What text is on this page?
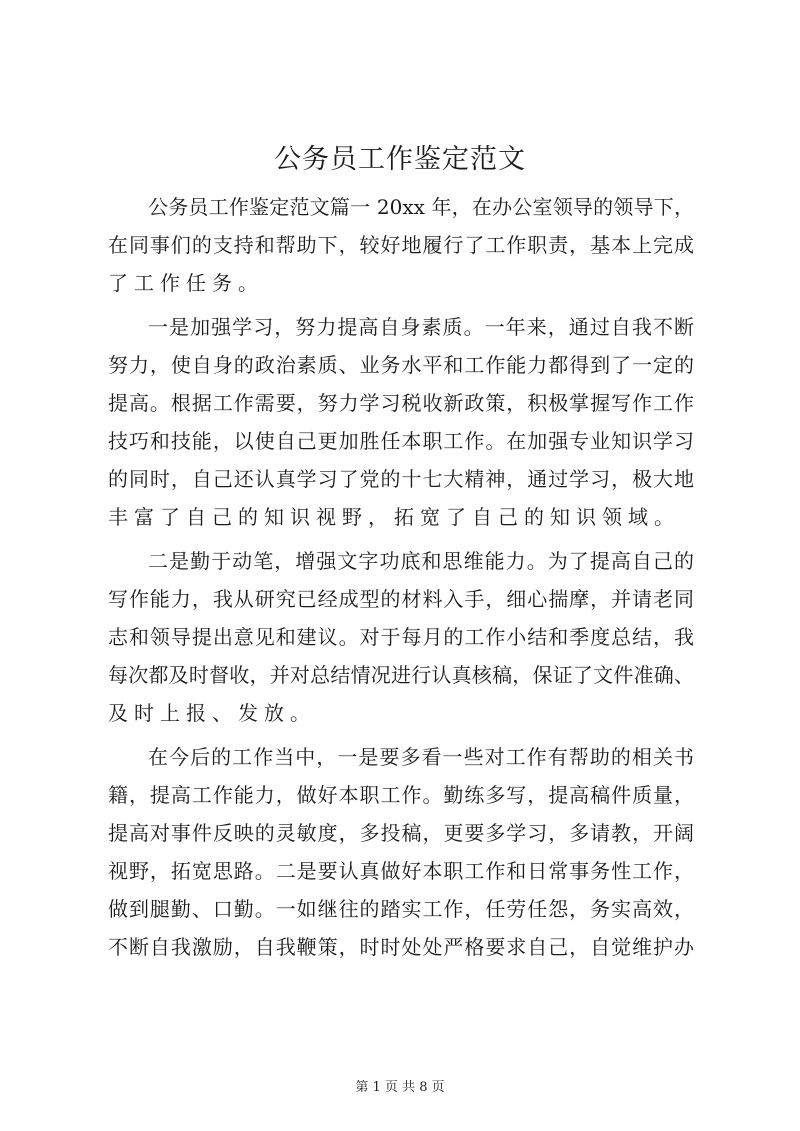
公务员工作鉴定范文
公务员工作鉴定范文篇一 20xx 年，在办公室领导的领导下，
在同事们的支持和帮助下，较好地履行了工作职责，基本上完成
了工作任务。
一是加强学习，努力提高自身素质。一年来，通过自我不断
努力，使自身的政治素质、业务水平和工作能力都得到了一定的
提高。根据工作需要，努力学习税收新政策，积极掌握写作工作
技巧和技能，以使自己更加胜任本职工作。在加强专业知识学习
的同时，自己还认真学习了党的十七大精神，通过学习，极大地
丰富了自己的知识视野，拓宽了自己的知识领域。
二是勤于动笔，增强文字功底和思维能力。为了提高自己的
写作能力，我从研究已经成型的材料入手，细心揣摩，并请老同
志和领导提出意见和建议。对于每月的工作小结和季度总结，我
每次都及时督收，并对总结情况进行认真核稿，保证了文件准确、
及时上报、发放。
在今后的工作当中，一是要多看一些对工作有帮助的相关书
籍，提高工作能力，做好本职工作。勤练多写，提高稿件质量，
提高对事件反映的灵敏度，多投稿，更要多学习，多请教，开阔
视野，拓宽思路。二是要认真做好本职工作和日常事务性工作，
做到腿勤、口勤。一如继往的踏实工作，任劳任怨，务实高效，
不断自我激励，自我鞭策，时时处处严格要求自己，自觉维护办
第 1 页 共 8 页
